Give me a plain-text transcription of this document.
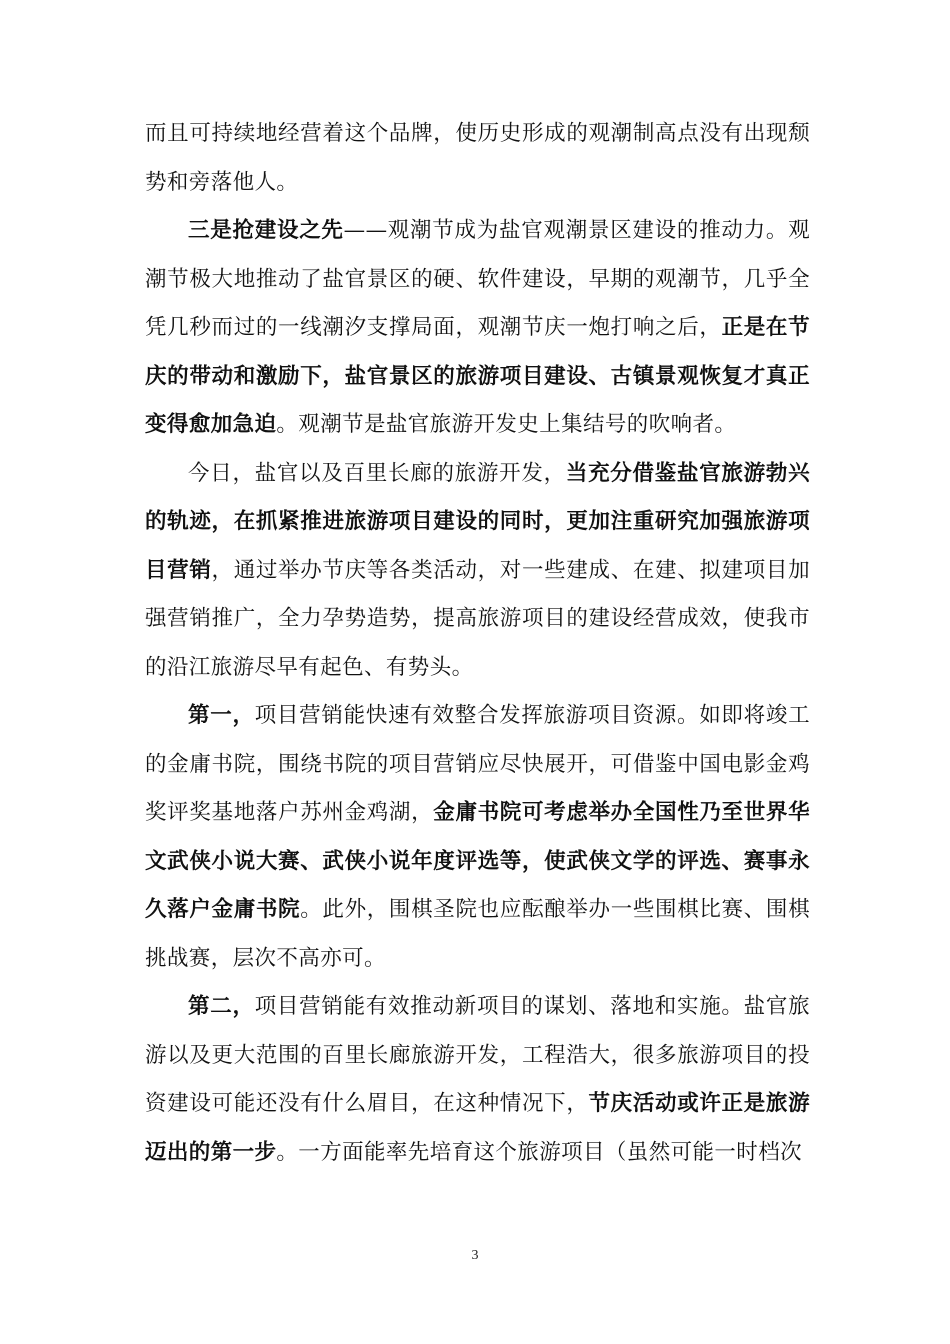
而且可持续地经营着这个品牌，使历史形成的观潮制高点没有出现颓势和旁落他人。

三是抢建设之先——观潮节成为盐官观潮景区建设的推动力。观潮节极大地推动了盐官景区的硬、软件建设，早期的观潮节，几乎全凭几秒而过的一线潮汐支撑局面，观潮节庆一炮打响之后，正是在节庆的带动和激励下，盐官景区的旅游项目建设、古镇景观恢复才真正变得愈加急迫。观潮节是盐官旅游开发史上集结号的吹响者。

今日，盐官以及百里长廊的旅游开发，当充分借鉴盐官旅游勃兴的轨迹，在抓紧推进旅游项目建设的同时，更加注重研究加强旅游项目营销，通过举办节庆等各类活动，对一些建成、在建、拟建项目加强营销推广，全力孕势造势，提高旅游项目的建设经营成效，使我市的沿江旅游尽早有起色、有势头。

第一，项目营销能快速有效整合发挥旅游项目资源。如即将竣工的金庸书院，围绕书院的项目营销应尽快展开，可借鉴中国电影金鸡奖评奖基地落户苏州金鸡湖，金庸书院可考虑举办全国性乃至世界华文武侠小说大赛、武侠小说年度评选等，使武侠文学的评选、赛事永久落户金庸书院。此外，围棋圣院也应酝酿举办一些围棋比赛、围棋挑战赛，层次不高亦可。

第二，项目营销能有效推动新项目的谋划、落地和实施。盐官旅游以及更大范围的百里长廊旅游开发，工程浩大，很多旅游项目的投资建设可能还没有什么眉目，在这种情况下，节庆活动或许正是旅游迈出的第一步。一方面能率先培育这个旅游项目（虽然可能一时档次

3
